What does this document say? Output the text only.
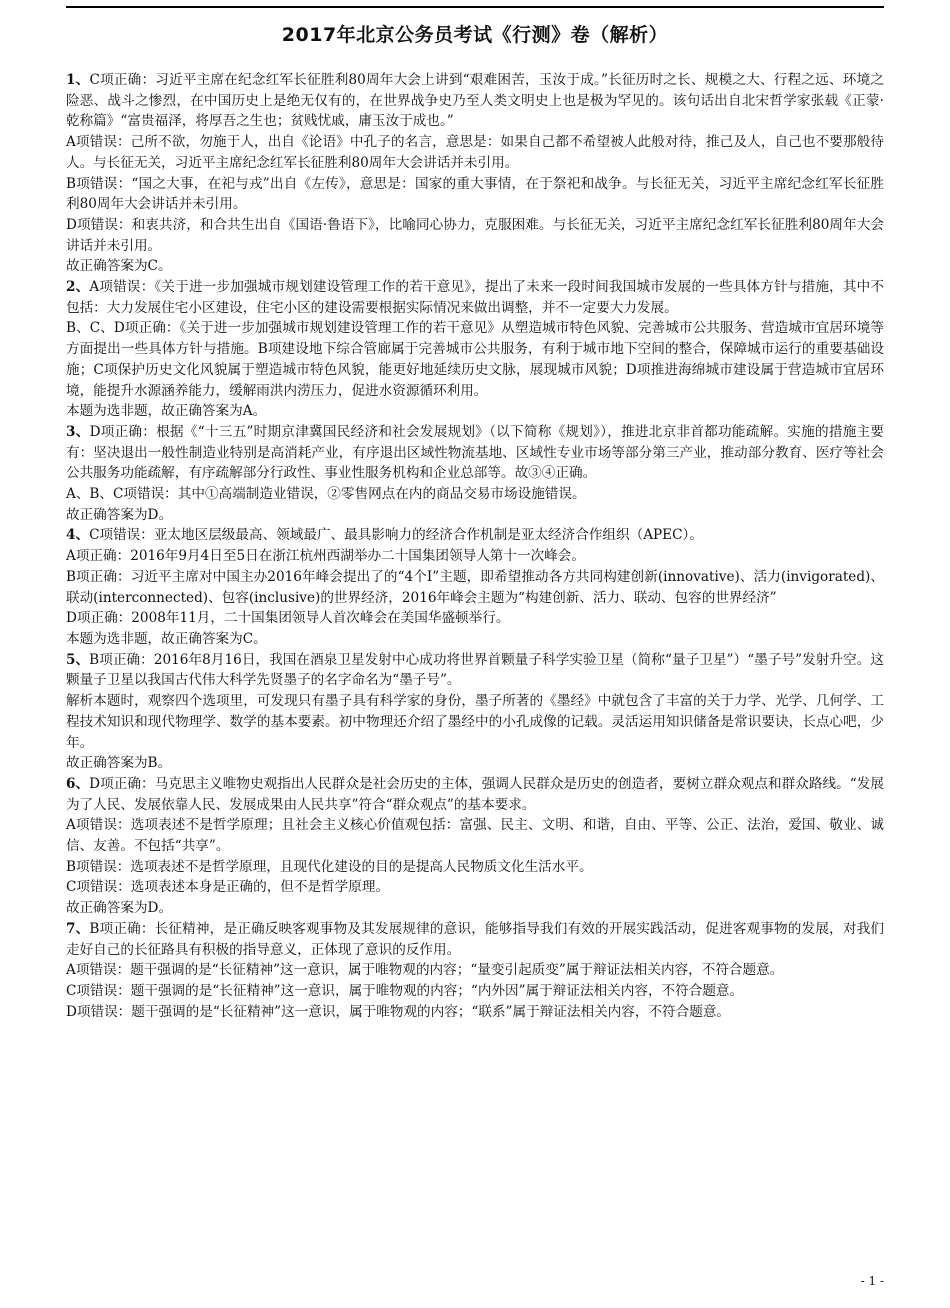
2017年北京公务员考试《行测》卷（解析）

1、C项正确：习近平主席在纪念红军长征胜利80周年大会上讲到“艰难困苦，玉汝于成。”长征历时之长、规模之大、行程之远、环境之险恶、战斗之惨烈，在中国历史上是绝无仅有的，在世界战争史乃至人类文明史上也是极为罕见的。该句话出自北宋哲学家张载《正蒙·乾称篇》“富贵福泽，将厚吾之生也；贫贱忧戚，庸玉汝于成也。”

A项错误：己所不欲，勿施于人，出自《论语》中孔子的名言，意思是：如果自己都不希望被人此般对待，推己及人，自己也不要那般待人。与长征无关，习近平主席纪念红军长征胜利80周年大会讲话并未引用。

B项错误：“国之大事，在祀与戎”出自《左传》，意思是：国家的重大事情，在于祭祀和战争。与长征无关，习近平主席纪念红军长征胜利80周年大会讲话并未引用。

D项错误：和衷共济，和合共生出自《国语·鲁语下》，比喻同心协力，克服困难。与长征无关，习近平主席纪念红军长征胜利80周年大会讲话并未引用。

故正确答案为C。

2、A项错误：《关于进一步加强城市规划建设管理工作的若干意见》，提出了未来一段时间我国城市发展的一些具体方针与措施，其中不包括：大力发展住宅小区建设，住宅小区的建设需要根据实际情况来做出调整，并不一定要大力发展。

B、C、D项正确：《关于进一步加强城市规划建设管理工作的若干意见》从塑造城市特色风貌、完善城市公共服务、营造城市宜居环境等方面提出一些具体方针与措施。B项建设地下综合管廊属于完善城市公共服务，有利于城市地下空间的整合，保障城市运行的重要基础设施；C项保护历史文化风貌属于塑造城市特色风貌，能更好地延续历史文脉，展现城市风貌；D项推进海绵城市建设属于营造城市宜居环境，能提升水源涵养能力，缓解雨洪内涝压力，促进水资源循环利用。

本题为选非题，故正确答案为A。

3、D项正确：根据《“十三五”时期京津冀国民经济和社会发展规划》（以下简称《规划》），推进北京非首都功能疏解。实施的措施主要有：坚决退出一般性制造业特别是高消耗产业，有序退出区域性物流基地、区域性专业市场等部分第三产业，推动部分教育、医疗等社会公共服务功能疏解，有序疏解部分行政性、事业性服务机构和企业总部等。故③④正确。

A、B、C项错误：其中①高端制造业错误，②零售网点在内的商品交易市场设施错误。

故正确答案为D。

4、C项错误：亚太地区层级最高、领域最广、最具影响力的经济合作机制是亚太经济合作组织（APEC）。

A项正确：2016年9月4日至5日在浙江杭州西湖举办二十国集团领导人第十一次峰会。

B项正确：习近平主席对中国主办2016年峰会提出了的“4个I”主题，即希望推动各方共同构建创新(innovative)、活力(invigorated)、联动(interconnected)、包容(inclusive)的世界经济，2016年峰会主题为“构建创新、活力、联动、包容的世界经济”

D项正确：2008年11月，二十国集团领导人首次峰会在美国华盛顿举行。

本题为选非题，故正确答案为C。

5、B项正确：2016年8月16日，我国在酒泉卫星发射中心成功将世界首颗量子科学实验卫星（简称“量子卫星”）“墨子号”发射升空。这颗量子卫星以我国古代伟大科学先贤墨子的名字命名为“墨子号”。

解析本题时，观察四个选项里，可发现只有墨子具有科学家的身份，墨子所著的《墨经》中就包含了丰富的关于力学、光学、几何学、工程技术知识和现代物理学、数学的基本要素。初中物理还介绍了墨经中的小孔成像的记载。灵活运用知识储备是常识要诀，长点心吧，少年。

故正确答案为B。

6、D项正确：马克思主义唯物史观指出人民群众是社会历史的主体，强调人民群众是历史的创造者，要树立群众观点和群众路线。“发展为了人民、发展依靠人民、发展成果由人民共享”符合“群众观点”的基本要求。

A项错误：选项表述不是哲学原理；且社会主义核心价值观包括：富强、民主、文明、和谐，自由、平等、公正、法治，爱国、敬业、诚信、友善。不包括“共享”。

B项错误：选项表述不是哲学原理，且现代化建设的目的是提高人民物质文化生活水平。

C项错误：选项表述本身是正确的，但不是哲学原理。

故正确答案为D。

7、B项正确：长征精神，是正确反映客观事物及其发展规律的意识，能够指导我们有效的开展实践活动，促进客观事物的发展，对我们走好自己的长征路具有积极的指导意义，正体现了意识的反作用。

A项错误：题干强调的是“长征精神”这一意识，属于唯物观的内容；“量变引起质变”属于辩证法相关内容，不符合题意。

C项错误：题干强调的是“长征精神”这一意识，属于唯物观的内容；“内外因”属于辩证法相关内容，不符合题意。

D项错误：题干强调的是“长征精神”这一意识，属于唯物观的内容；“联系”属于辩证法相关内容，不符合题意。

- 1 -
